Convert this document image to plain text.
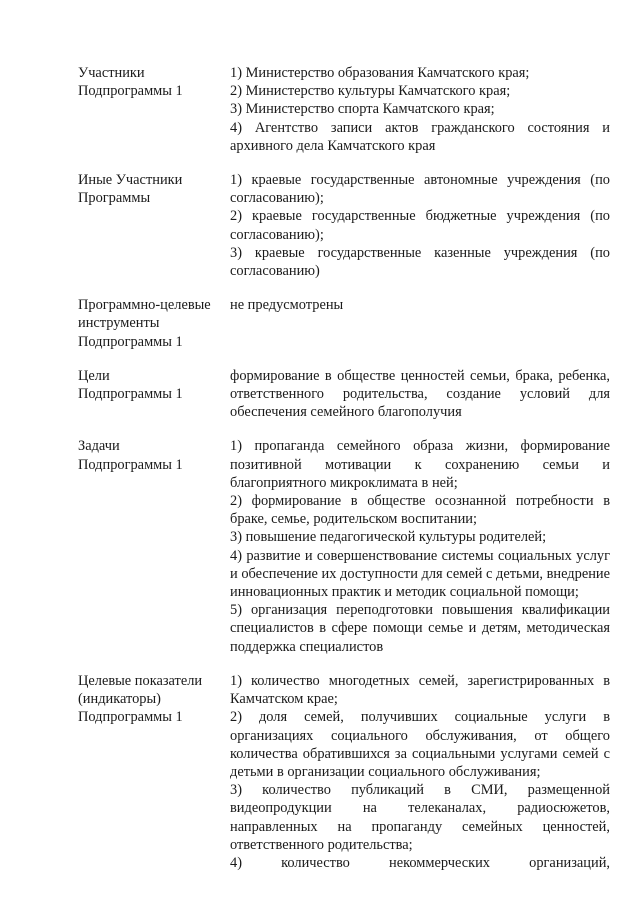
Участники
Подпрограммы 1
1) Министерство образования Камчатского края;
2) Министерство культуры Камчатского края;
3) Министерство спорта Камчатского края;
4) Агентство записи актов гражданского состояния и архивного дела Камчатского края
Иные Участники
Программы
1) краевые государственные автономные учреждения (по согласованию);
2) краевые государственные бюджетные учреждения (по согласованию);
3) краевые государственные казенные учреждения (по согласованию)
Программно-целевые
инструменты
Подпрограммы 1
не предусмотрены
Цели
Подпрограммы 1
формирование в обществе ценностей семьи, брака, ребенка, ответственного родительства, создание условий для обеспечения семейного благополучия
Задачи
Подпрограммы 1
1) пропаганда семейного образа жизни, формирование позитивной мотивации к сохранению семьи и благоприятного микроклимата в ней;
2) формирование в обществе осознанной потребности в браке, семье, родительском воспитании;
3) повышение педагогической культуры родителей;
4) развитие и совершенствование системы социальных услуг и обеспечение их доступности для семей с детьми, внедрение инновационных практик и методик социальной помощи;
5) организация переподготовки повышения квалификации специалистов в сфере помощи семье и детям, методическая поддержка специалистов
Целевые показатели
(индикаторы)
Подпрограммы 1
1) количество многодетных семей, зарегистрированных в Камчатском крае;
2) доля семей, получивших социальные услуги в организациях социального обслуживания, от общего количества обратившихся за социальными услугами семей с детьми в организации социального обслуживания;
3) количество публикаций в СМИ, размещенной видеопродукции на телеканалах, радиосюжетов, направленных на пропаганду семейных ценностей, ответственного родительства;
4) количество некоммерческих организаций,
